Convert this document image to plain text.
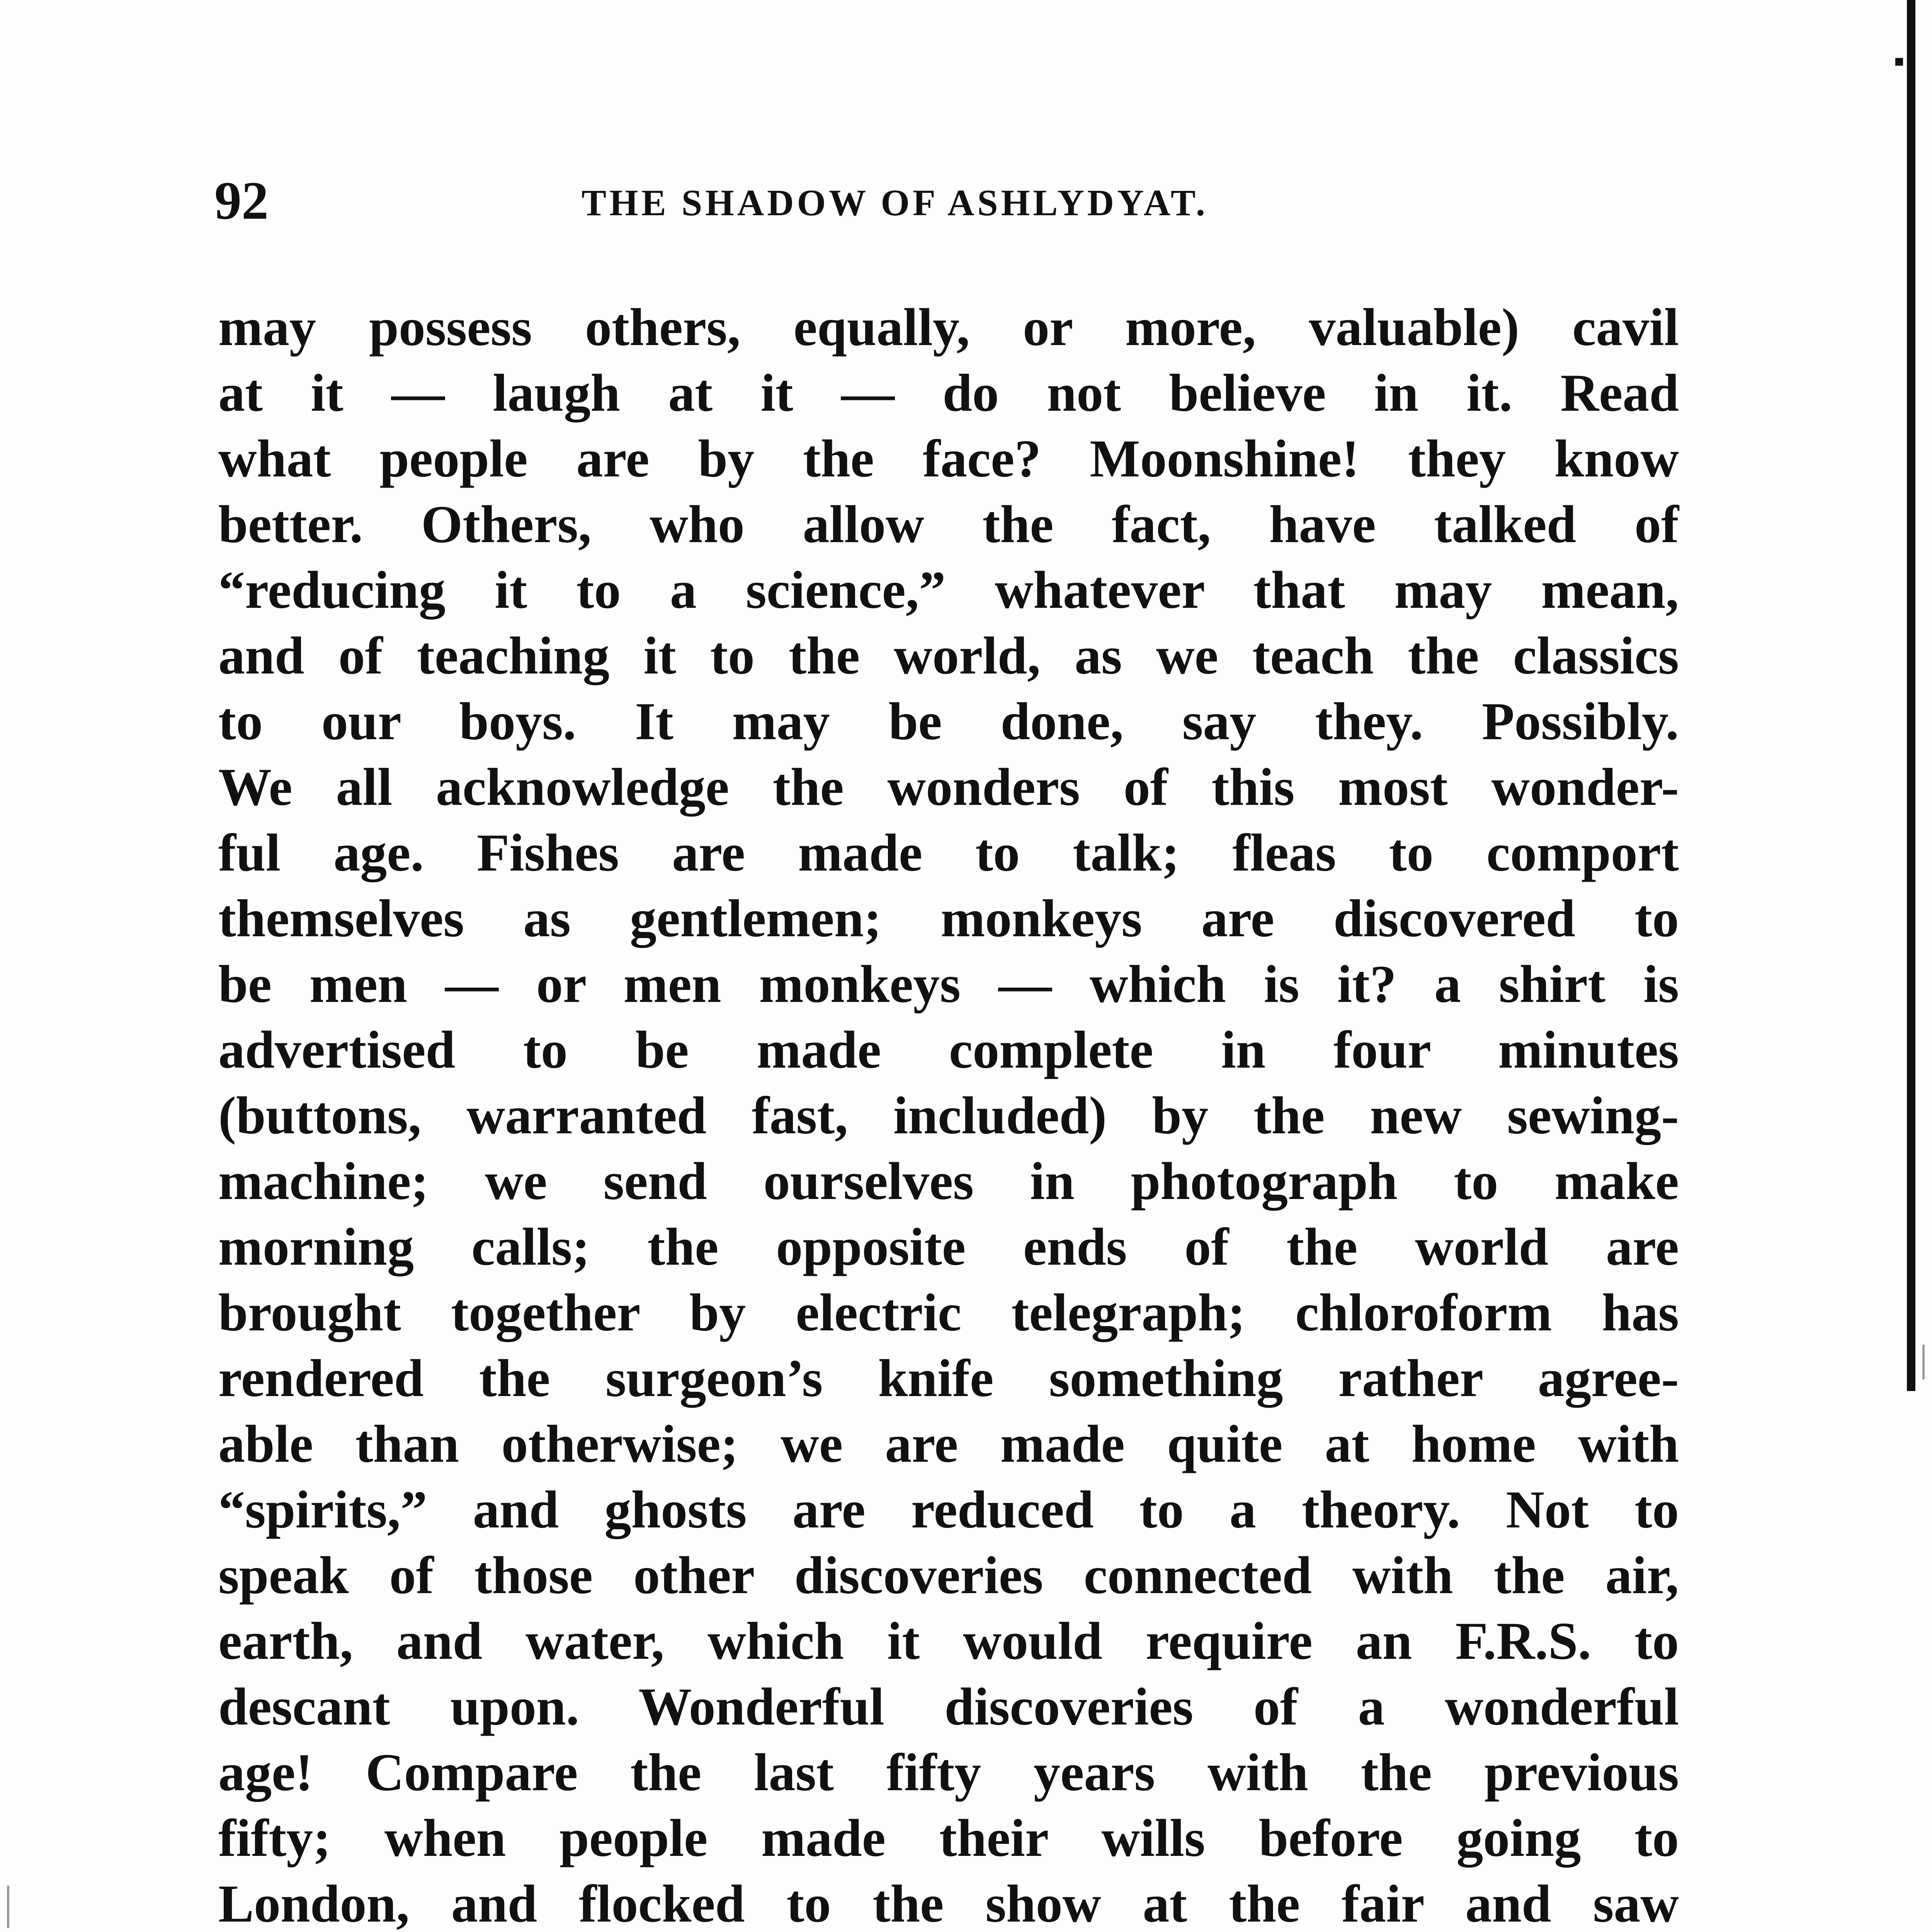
92	THE SHADOW OF ASHLYDYAT.
may possess others, equally, or more, valuable) cavil
at it — laugh at it — do not believe in it. Read
what people are by the face? Moonshine! they know
better. Others, who allow the fact, have talked of
“reducing it to a science,” whatever that may mean,
and of teaching it to the world, as we teach the classics
to our boys. It may be done, say they. Possibly.
We all acknowledge the wonders of this most wonder-
ful age. Fishes are made to talk; fleas to comport
themselves as gentlemen; monkeys are discovered to
be men — or men monkeys — which is it? a shirt is
advertised to be made complete in four minutes
(buttons, warranted fast, included) by the new sewing-
machine; we send ourselves in photograph to make
morning calls; the opposite ends of the world are
brought together by electric telegraph; chloroform has
rendered the surgeon’s knife something rather agree-
able than otherwise; we are made quite at home with
“spirits,” and ghosts are reduced to a theory. Not to
speak of those other discoveries connected with the air,
earth, and water, which it would require an F.R.S. to
descant upon. Wonderful discoveries of a wonderful
age! Compare the last fifty years with the previous
fifty; when people made their wills before going to
London, and flocked to the show at the fair and saw
